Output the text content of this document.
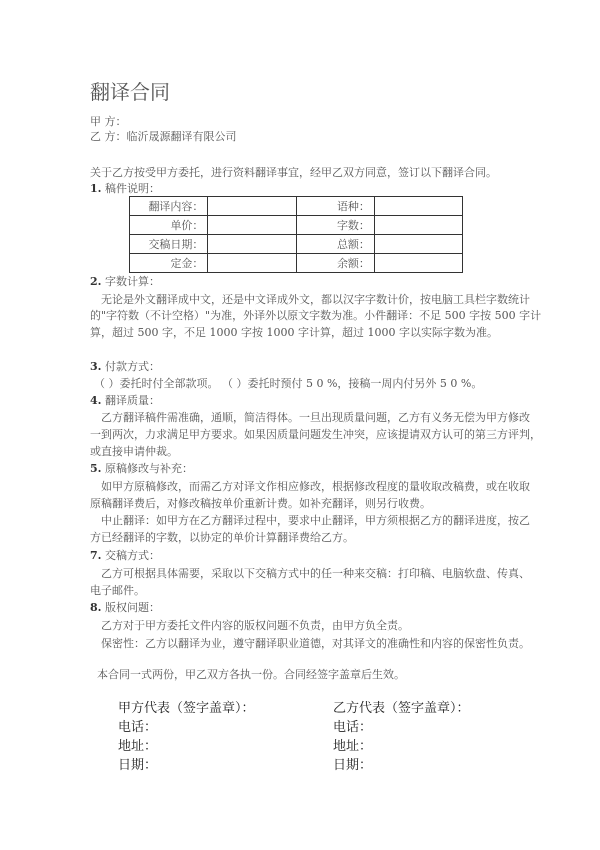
翻译合同
甲 方：
乙 方：临沂晟源翻译有限公司
关于乙方按受甲方委托，进行资料翻译事宜，经甲乙双方同意，签订以下翻译合同。
1. 稿件说明：
翻译内容：		语种：	
单价：		字数：	
交稿日期：		总额：	
定金：		余额：	
2. 字数计算：
无论是外文翻译成中文，还是中文译成外文，都以汉字字数计价，按电脑工具栏字数统计
的"字符数（不计空格）"为准，外译外以原文字数为准。小件翻译：不足 500 字按 500 字计
算，超过 500 字，不足 1000 字按 1000 字计算，超过 1000 字以实际字数为准。
3. 付款方式：
（ ）委托时付全部款项。 （ ）委托时预付 5 0 %，接稿一周内付另外 5 0 %。
4. 翻译质量：
乙方翻译稿件需准确，通顺，简洁得体。一旦出现质量问题，乙方有义务无偿为甲方修改
一到两次，力求满足甲方要求。如果因质量问题发生冲突，应该提请双方认可的第三方评判，
或直接申请仲裁。
5. 原稿修改与补充：
如甲方原稿修改，而需乙方对译文作相应修改，根据修改程度的量收取改稿费，或在收取
原稿翻译费后，对修改稿按单价重新计费。如补充翻译，则另行收费。
中止翻译：如甲方在乙方翻译过程中，要求中止翻译，甲方须根据乙方的翻译进度，按乙
方已经翻译的字数，以协定的单价计算翻译费给乙方。
7. 交稿方式：
乙方可根据具体需要，采取以下交稿方式中的任一种来交稿：打印稿、电脑软盘、传真、
电子邮件。
8. 版权问题：
乙方对于甲方委托文件内容的版权问题不负责，由甲方负全责。
保密性：乙方以翻译为业，遵守翻译职业道德，对其译文的准确性和内容的保密性负责。
本合同一式两份，甲乙双方各执一份。合同经签字盖章后生效。
甲方代表（签字盖章）：
电话：
地址：
日期：
乙方代表（签字盖章）：
电话：
地址：
日期：
